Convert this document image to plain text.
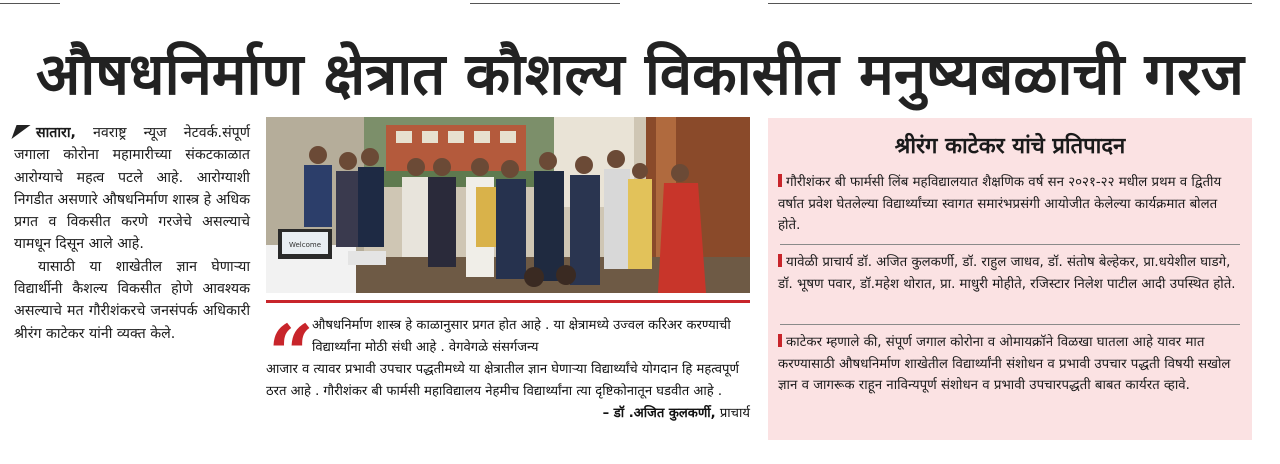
औषधनिर्माण क्षेत्रात कौशल्य विकासीत मनुष्यबळाची गरज

सातारा, नवराष्ट्र न्यूज नेटवर्क.संपूर्ण जगाला कोरोना महामारीच्या संकटकाळात आरोग्याचे महत्व पटले आहे. आरोग्याशी निगडीत असणारे औषधनिर्माण शास्त्र हे अधिक प्रगत व विकसीत करणे गरजेचे असल्याचे यामधून दिसून आले आहे.

यासाठी या शाखेतील ज्ञान घेणाऱ्या विद्यार्थीनी कैशल्य विकसीत होणे आवश्यक असल्याचे मत गौरीशंकरचे जनसंपर्क अधिकारी श्रीरंग काटेकर यांनी व्यक्त केले.

Welcome
“
औषधनिर्माण शास्त्र हे काळानुसार प्रगत होत आहे . या क्षेत्रामध्ये उज्वल करिअर करण्याची विद्यार्थ्यांना मोठी संधी आहे . वेगवेगळे संसर्गजन्य
आजार व त्यावर प्रभावी उपचार पद्धतीमध्ये या क्षेत्रातील ज्ञान घेणाऱ्या विद्यार्थ्यांचे योगदान हि महत्वपूर्ण ठरत आहे . गौरीशंकर बी फार्मसी महाविद्यालय नेहमीच विद्यार्थ्यांना त्या दृष्टिकोनातून घडवीत आहे .
– डॉ .अजित कुलकर्णी, प्राचार्य
श्रीरंग काटेकर यांचे प्रतिपादन
गौरीशंकर बी फार्मसी लिंब महविद्यालयात शैक्षणिक वर्ष सन २०२१-२२ मधील प्रथम व द्वितीय वर्षात प्रवेश घेतलेल्या विद्यार्थ्यांच्या स्वागत समारंभप्रसंगी आयोजीत केलेल्या कार्यक्रमात बोलत होते.
यावेळी प्राचार्य डॉ. अजित कुलकर्णी, डॉ. राहुल जाधव, डॉ. संतोष बेल्हेकर, प्रा.धयेशील घाडगे, डॉ. भूषण पवार, डॉ.महेश थोरात, प्रा. माधुरी मोहीते, रजिस्टार निलेश पाटील आदी उपस्थित होते.
काटेकर म्हणाले की, संपूर्ण जगाल कोरोना व ओमायक्रॉने विळखा घातला आहे यावर मात करण्यासाठी औषधनिर्माण शाखेतील विद्यार्थ्यांनी संशोधन व प्रभावी उपचार पद्धती विषयी सखोल ज्ञान व जागरूक राहून नाविन्यपूर्ण संशोधन व प्रभावी उपचारपद्धती बाबत कार्यरत व्हावे.
